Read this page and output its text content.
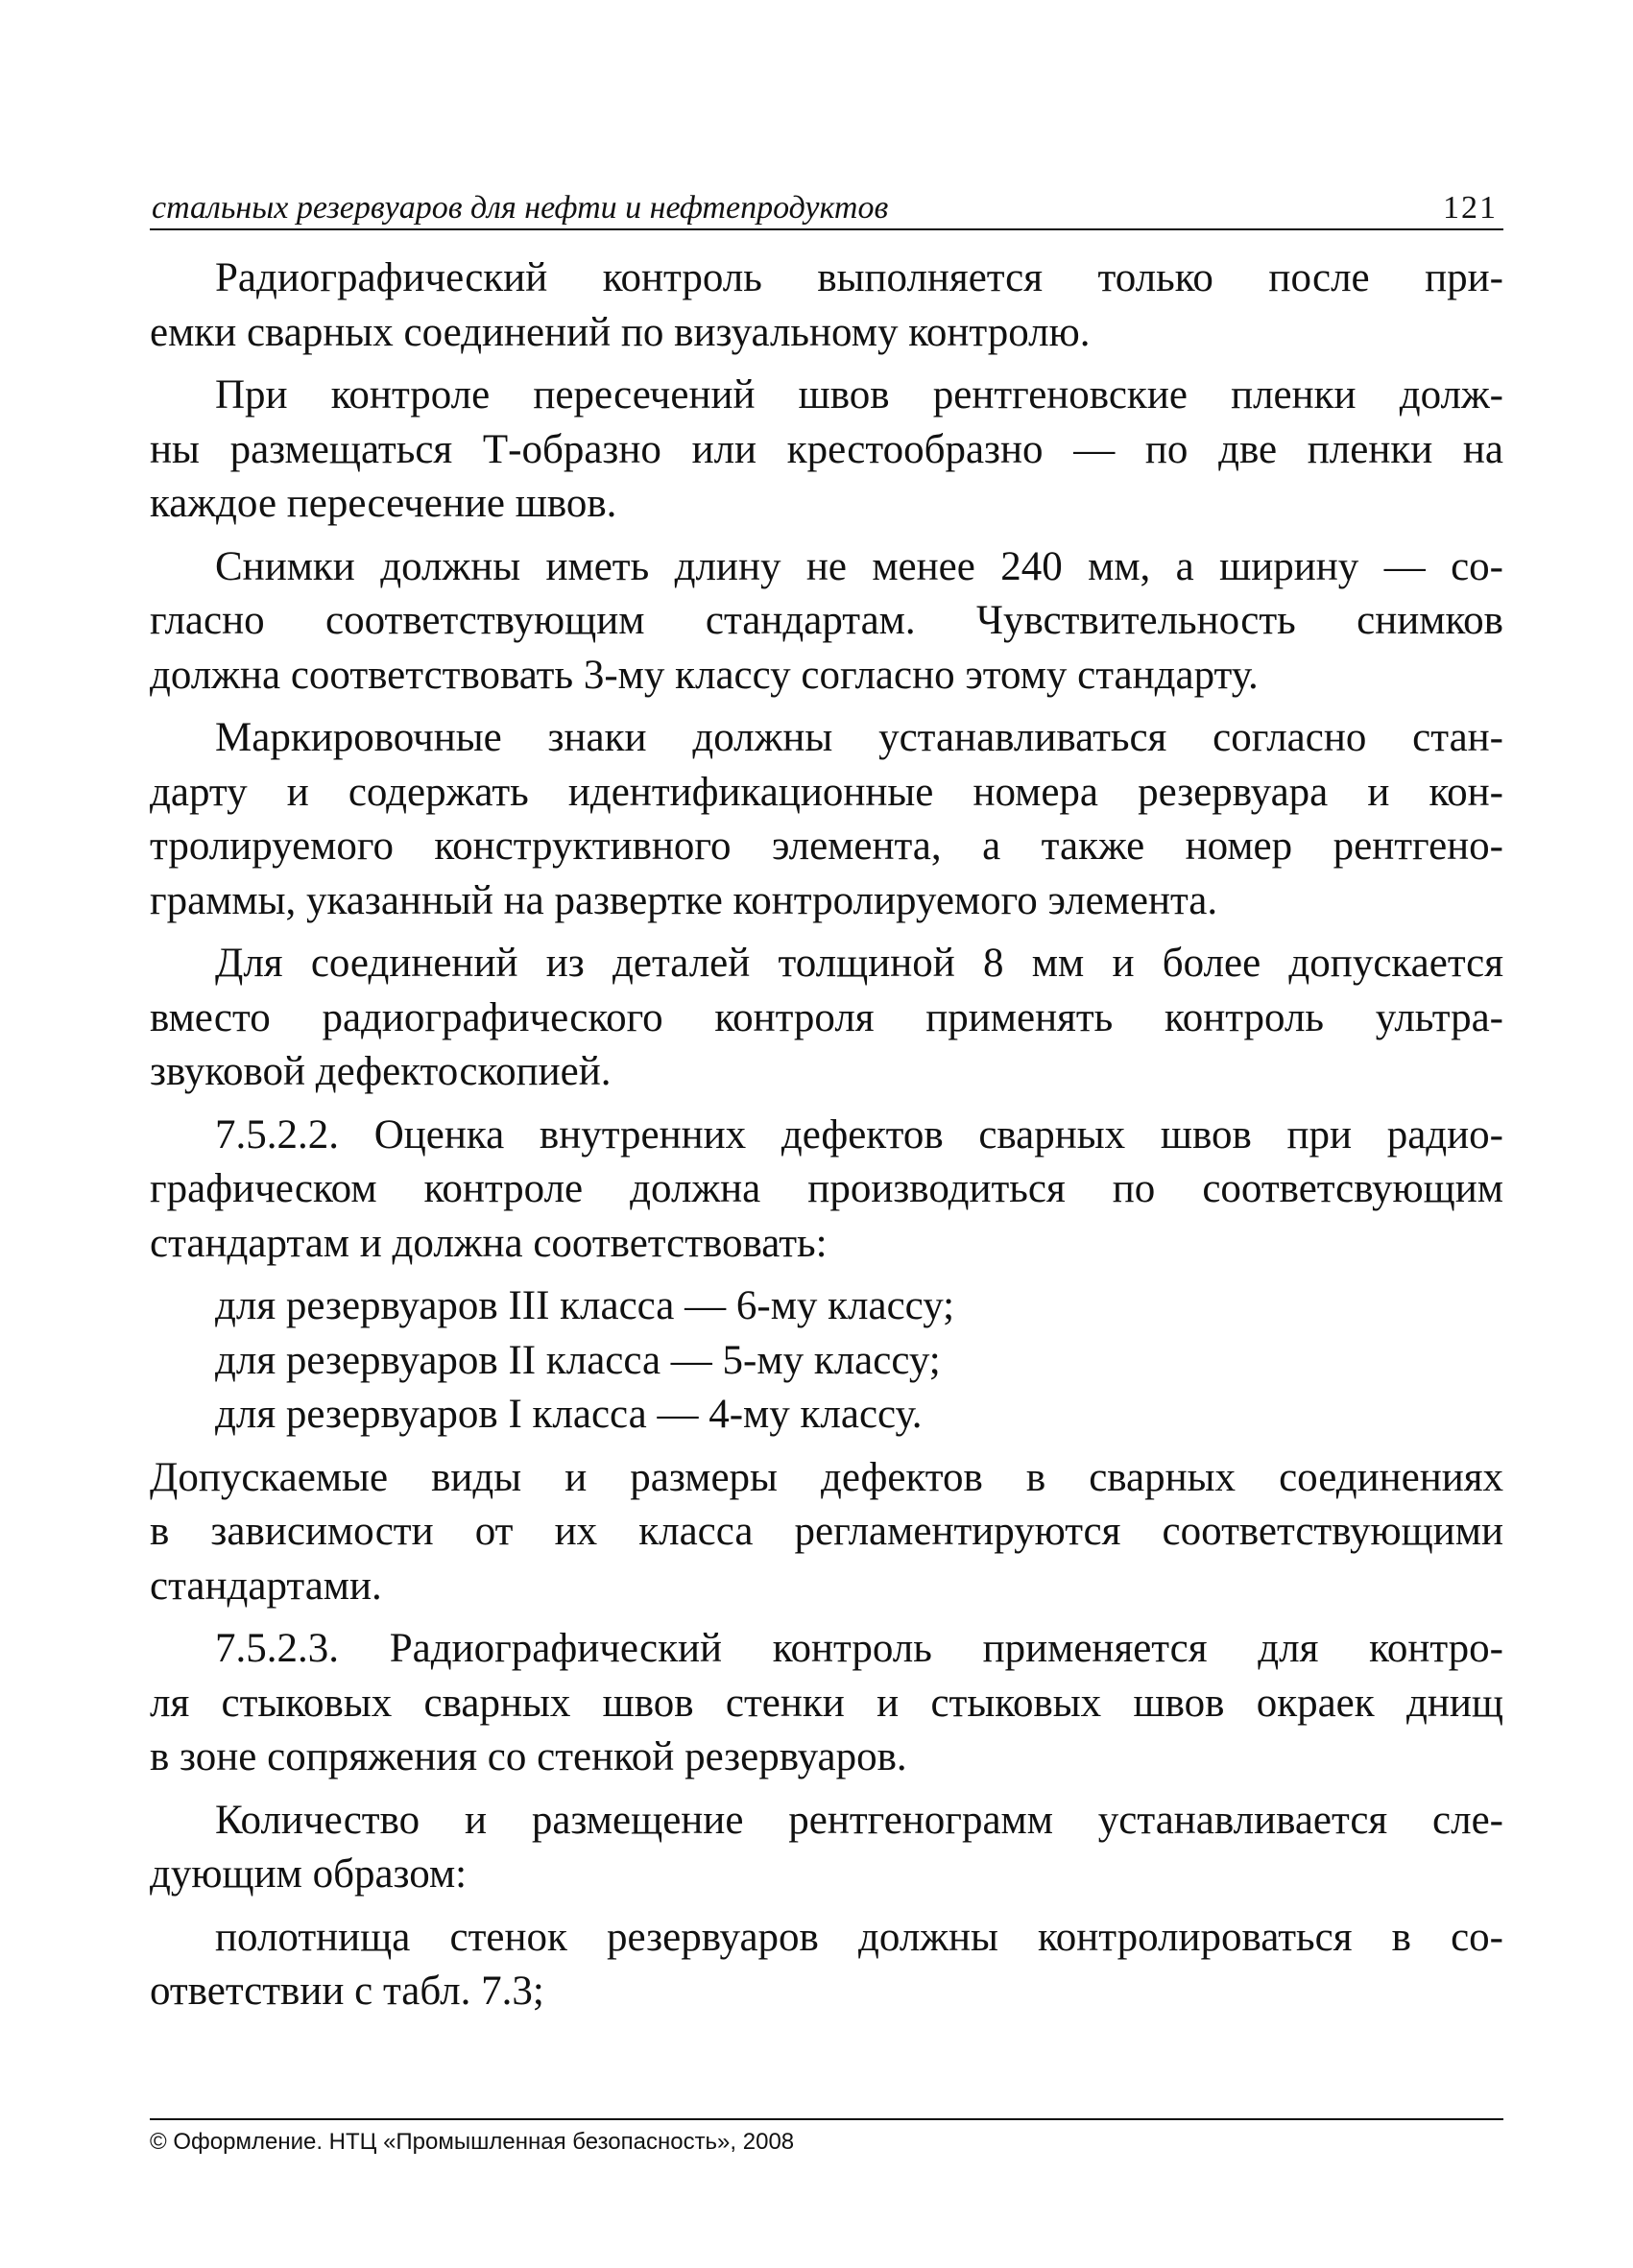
стальных резервуаров для нефти и нефтепродуктов	121
Радиографический контроль выполняется только после при-
емки сварных соединений по визуальному контролю.
При контроле пересечений швов рентгеновские пленки долж-
ны размещаться Т-образно или крестообразно — по две пленки на
каждое пересечение швов.
Снимки должны иметь длину не менее 240 мм, а ширину — со-
гласно соответствующим стандартам. Чувствительность снимков
должна соответствовать 3-му классу согласно этому стандарту.
Маркировочные знаки должны устанавливаться согласно стан-
дарту и содержать идентификационные номера резервуара и кон-
тролируемого конструктивного элемента, а также номер рентгено-
граммы, указанный на развертке контролируемого элемента.
Для соединений из деталей толщиной 8 мм и более допускается
вместо радиографического контроля применять контроль ультра-
звуковой дефектоскопией.
7.5.2.2. Оценка внутренних дефектов сварных швов при радио-
графическом контроле должна производиться по соответсвующим
стандартам и должна соответствовать:
для резервуаров III класса — 6-му классу;
для резервуаров II класса — 5-му классу;
для резервуаров I класса — 4-му классу.
Допускаемые виды и размеры дефектов в сварных соединениях
в зависимости от их класса регламентируются соответствующими
стандартами.
7.5.2.3. Радиографический контроль применяется для контро-
ля стыковых сварных швов стенки и стыковых швов окраек днищ
в зоне сопряжения со стенкой резервуаров.
Количество и размещение рентгенограмм устанавливается сле-
дующим образом:
полотнища стенок резервуаров должны контролироваться в со-
ответствии с табл. 7.3;
© Оформление. НТЦ «Промышленная безопасность», 2008
